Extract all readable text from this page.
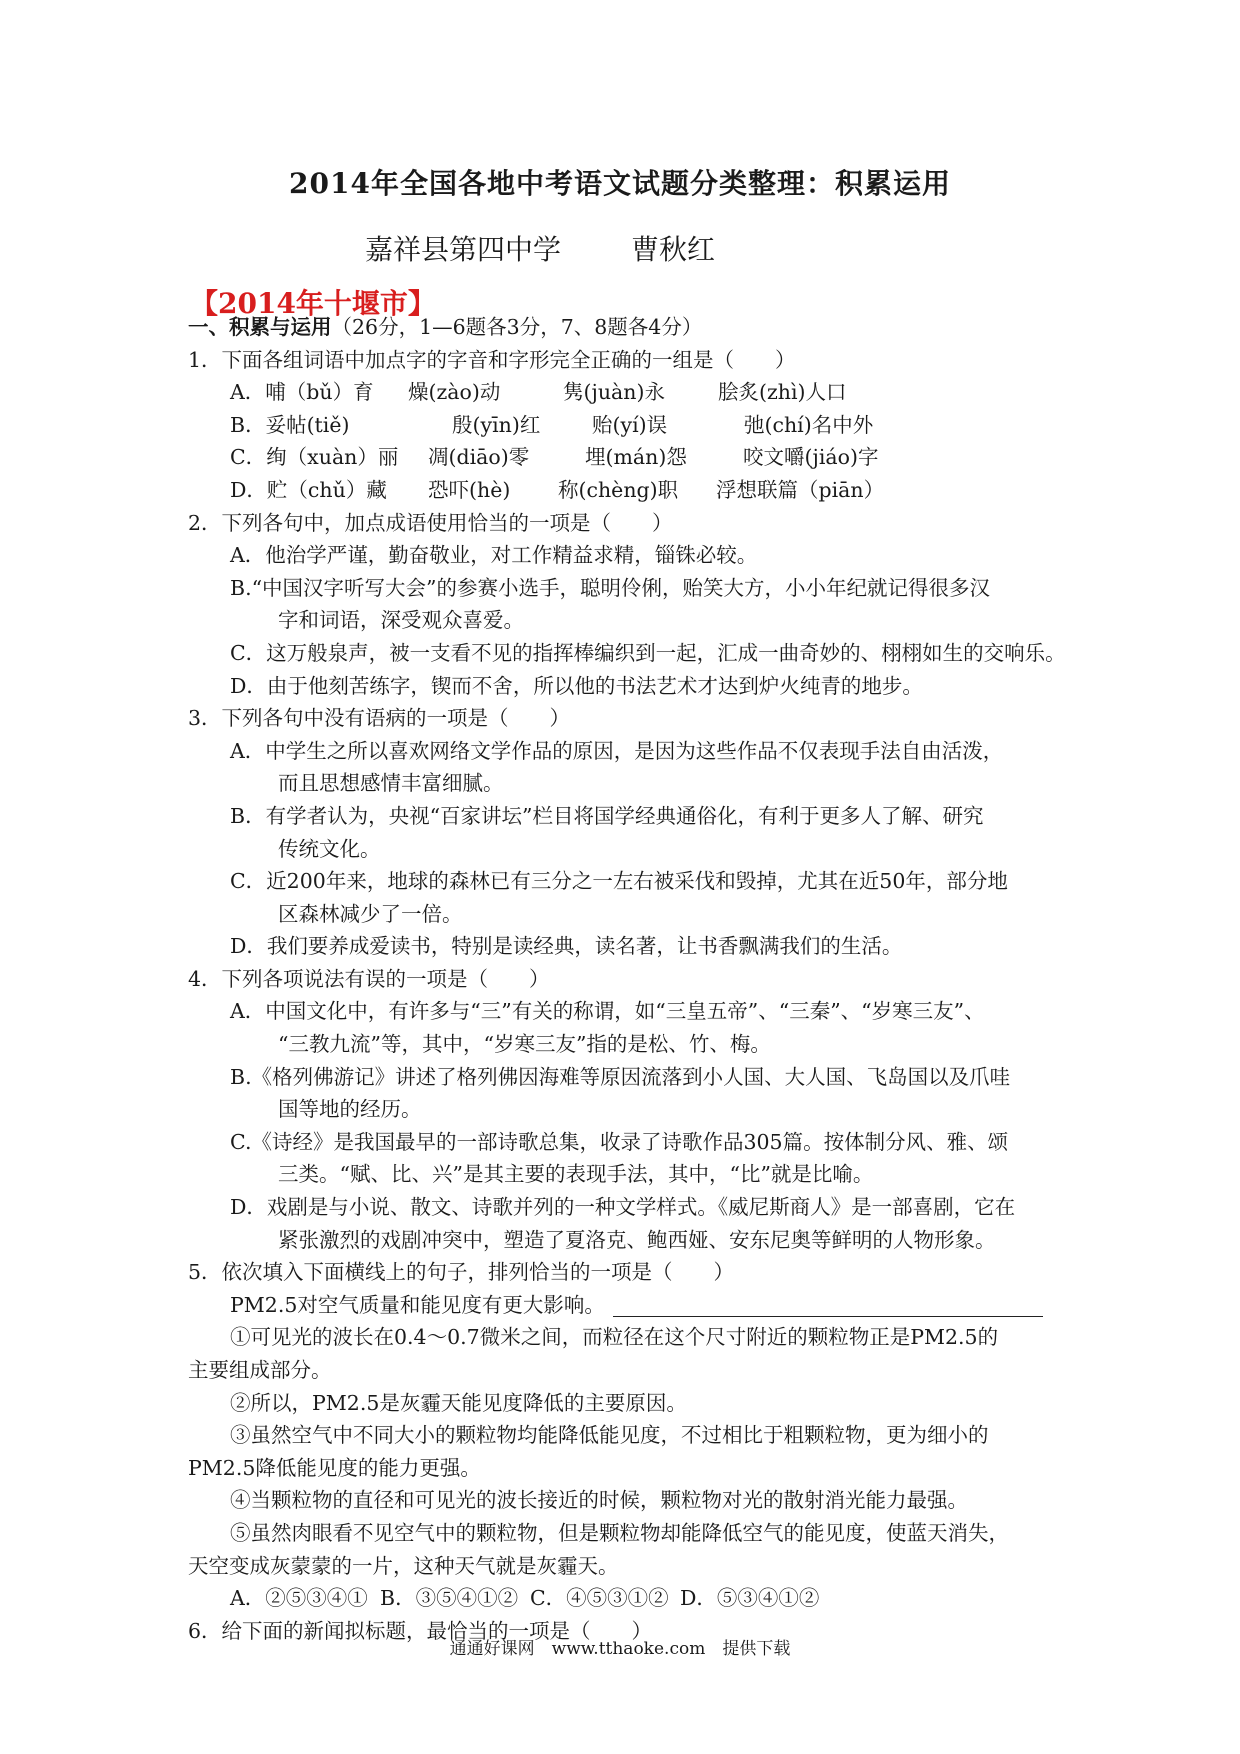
2014年全国各地中考语文试题分类整理：积累运用
嘉祥县第四中学	曹秋红
【2014年十堰市】
一、积累与运用（26分，1—6题各3分，7、8题各4分）
1．下面各组词语中加点字的字音和字形完全正确的一组是（　　）
A．哺（bǔ）育 燥(zào)动	隽(juàn)永	脍炙(zhì)人口
B．妥帖(tiě)	殷(yīn)红	贻(yí)误	弛(chí)名中外
C．绚（xuàn）丽 凋(diāo)零	埋(mán)怨	咬文嚼(jiáo)字
D．贮（chǔ）藏 恐吓(hè) 称(chèng)职 浮想联篇（piān）
2．下列各句中，加点成语使用恰当的一项是（　　）
A．他治学严谨，勤奋敬业，对工作精益求精，锱铢必较。
B.“中国汉字听写大会”的参赛小选手，聪明伶俐，贻笑大方，小小年纪就记得很多汉
字和词语，深受观众喜爱。
C．这万般泉声，被一支看不见的指挥棒编织到一起，汇成一曲奇妙的、栩栩如生的交响乐。
D．由于他刻苦练字，锲而不舍，所以他的书法艺术才达到炉火纯青的地步。
3．下列各句中没有语病的一项是（　　）
A．中学生之所以喜欢网络文学作品的原因，是因为这些作品不仅表现手法自由活泼，
而且思想感情丰富细腻。
B．有学者认为，央视“百家讲坛”栏目将国学经典通俗化，有利于更多人了解、研究
传统文化。
C．近200年来，地球的森林已有三分之一左右被采伐和毁掉，尤其在近50年，部分地
区森林减少了一倍。
D．我们要养成爱读书，特别是读经典，读名著，让书香飘满我们的生活。
4．下列各项说法有误的一项是（　　）
A．中国文化中，有许多与“三”有关的称谓，如“三皇五帝”、“三秦”、“岁寒三友”、
“三教九流”等，其中，“岁寒三友”指的是松、竹、梅。
B.《格列佛游记》讲述了格列佛因海难等原因流落到小人国、大人国、飞岛国以及爪哇
国等地的经历。
C.《诗经》是我国最早的一部诗歌总集，收录了诗歌作品305篇。按体制分风、雅、颂
三类。“赋、比、兴”是其主要的表现手法，其中，“比”就是比喻。
D．戏剧是与小说、散文、诗歌并列的一种文学样式。《威尼斯商人》是一部喜剧，它在
紧张激烈的戏剧冲突中，塑造了夏洛克、鲍西娅、安东尼奥等鲜明的人物形象。
5．依次填入下面横线上的句子，排列恰当的一项是（　　）
PM2.5对空气质量和能见度有更大影响。
①可见光的波长在0.4～0.7微米之间，而粒径在这个尺寸附近的颗粒物正是PM2.5的
主要组成部分。
②所以，PM2.5是灰霾天能见度降低的主要原因。
③虽然空气中不同大小的颗粒物均能降低能见度，不过相比于粗颗粒物，更为细小的
PM2.5降低能见度的能力更强。
④当颗粒物的直径和可见光的波长接近的时候，颗粒物对光的散射消光能力最强。
⑤虽然肉眼看不见空气中的颗粒物，但是颗粒物却能降低空气的能见度，使蓝天消失，
天空变成灰蒙蒙的一片，这种天气就是灰霾天。
A．②⑤③④① B．③⑤④①② C．④⑤③①② D．⑤③④①②
6．给下面的新闻拟标题，最恰当的一项是（　　）
通通好课网　www.tthaoke.com　提供下载
